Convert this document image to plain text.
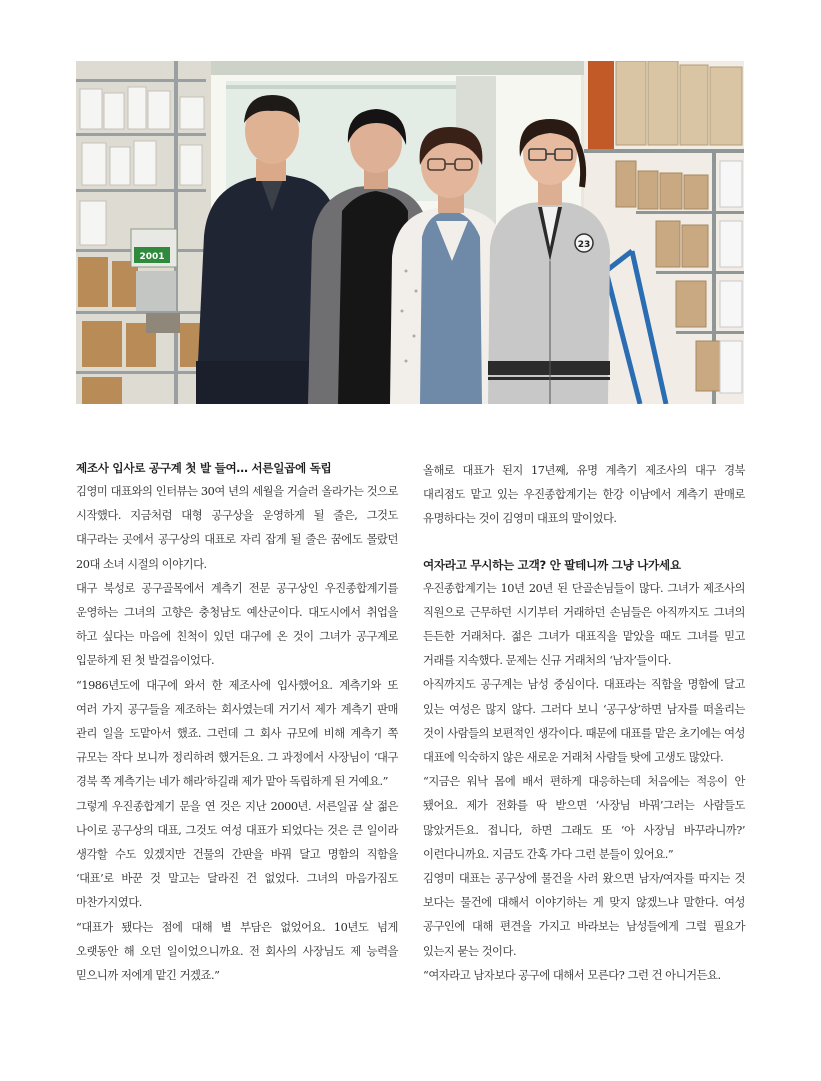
2001
23
제조사 입사로 공구계 첫 발 들여… 서른일곱에 독립

김영미 대표와의 인터뷰는 30여 년의 세월을 거슬러 올라가는 것으로 시작했다. 지금처럼 대형 공구상을 운영하게 될 줄은, 그것도 대구라는 곳에서 공구상의 대표로 자리 잡게 될 줄은 꿈에도 몰랐던 20대 소녀 시절의 이야기다.

대구 북성로 공구골목에서 계측기 전문 공구상인 우진종합계기를 운영하는 그녀의 고향은 충청남도 예산군이다. 대도시에서 취업을 하고 싶다는 마음에 친척이 있던 대구에 온 것이 그녀가 공구계로 입문하게 된 첫 발걸음이었다.

“1986년도에 대구에 와서 한 제조사에 입사했어요. 계측기와 또 여러 가지 공구들을 제조하는 회사였는데 거기서 제가 계측기 판매 관리 일을 도맡아서 했죠. 그런데 그 회사 규모에 비해 계측기 쪽 규모는 작다 보니까 정리하려 했거든요. 그 과정에서 사장님이 ‘대구 경북 쪽 계측기는 네가 해라’하길래 제가 맡아 독립하게 된 거예요.”

그렇게 우진종합계기 문을 연 것은 지난 2000년. 서른일곱 살 젊은 나이로 공구상의 대표, 그것도 여성 대표가 되었다는 것은 큰 일이라 생각할 수도 있겠지만 건물의 간판을 바꿔 달고 명함의 직함을 ‘대표’로 바꾼 것 말고는 달라진 건 없었다. 그녀의 마음가짐도 마찬가지였다.

“대표가 됐다는 점에 대해 별 부담은 없었어요. 10년도 넘게 오랫동안 해 오던 일이었으니까요. 전 회사의 사장님도 제 능력을 믿으니까 저에게 맡긴 거겠죠.”

올해로 대표가 된지 17년째, 유명 계측기 제조사의 대구 경북 대리점도 맡고 있는 우진종합계기는 한강 이남에서 계측기 판매로 유명하다는 것이 김영미 대표의 말이었다.

여자라고 무시하는 고객? 안 팔테니까 그냥 나가세요

우진종합계기는 10년 20년 된 단골손님들이 많다. 그녀가 제조사의 직원으로 근무하던 시기부터 거래하던 손님들은 아직까지도 그녀의 든든한 거래처다. 젊은 그녀가 대표직을 맡았을 때도 그녀를 믿고 거래를 지속했다. 문제는 신규 거래처의 ‘남자’들이다.

아직까지도 공구계는 남성 중심이다. 대표라는 직함을 명함에 달고 있는 여성은 많지 않다. 그러다 보니 ‘공구상’하면 남자를 떠올리는 것이 사람들의 보편적인 생각이다. 때문에 대표를 맡은 초기에는 여성 대표에 익숙하지 않은 새로운 거래처 사람들 탓에 고생도 많았다.

“지금은 워낙 몸에 배서 편하게 대응하는데 처음에는 적응이 안 됐어요. 제가 전화를 딱 받으면 ‘사장님 바꿔’그러는 사람들도 많았거든요. 접니다, 하면 그래도 또 ‘아 사장님 바꾸라니까?’ 이런다니까요. 지금도 간혹 가다 그런 분들이 있어요.”

김영미 대표는 공구상에 물건을 사러 왔으면 남자/여자를 따지는 것 보다는 물건에 대해서 이야기하는 게 맞지 않겠느냐 말한다. 여성 공구인에 대해 편견을 가지고 바라보는 남성들에게 그럴 필요가 있는지 묻는 것이다.

“여자라고 남자보다 공구에 대해서 모른다? 그런 건 아니거든요.
